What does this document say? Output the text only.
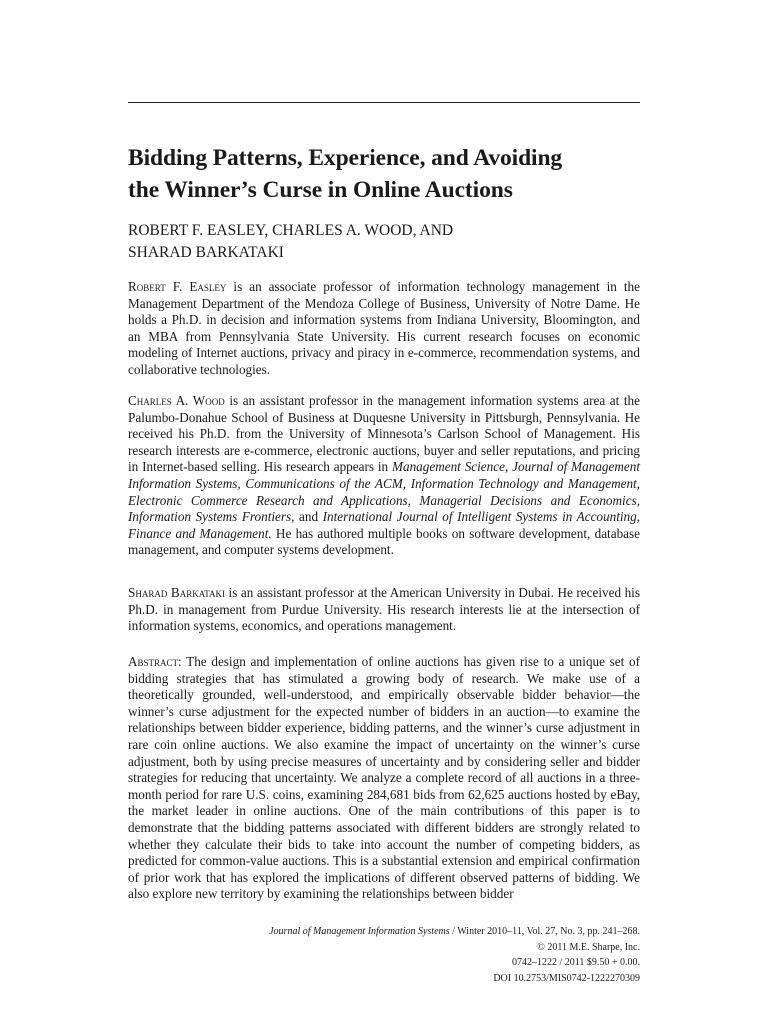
Bidding Patterns, Experience, and Avoiding
the Winner’s Curse in Online Auctions

ROBERT F. EASLEY, CHARLES A. WOOD, AND
SHARAD BARKATAKI

Robert F. Easley is an associate professor of information technology management in the Management Department of the Mendoza College of Business, University of Notre Dame. He holds a Ph.D. in decision and information systems from Indiana University, Bloomington, and an MBA from Pennsylvania State University. His current research focuses on economic modeling of Internet auctions, privacy and piracy in e-commerce, recommendation systems, and collaborative technologies.

Charles A. Wood is an assistant professor in the management information systems area at the Palumbo-Donahue School of Business at Duquesne University in Pittsburgh, Pennsylvania. He received his Ph.D. from the University of Minnesota’s Carlson School of Management. His research interests are e-commerce, electronic auctions, buyer and seller reputations, and pricing in Internet-based selling. His research appears in Management Science, Journal of Management Information Systems, Communications of the ACM, Information Technology and Management, Electronic Commerce Research and Applications, Managerial Decisions and Economics, Information Systems Frontiers, and International Journal of Intelligent Systems in Accounting, Finance and Management. He has authored multiple books on software development, database management, and computer systems development.

Sharad Barkataki is an assistant professor at the American University in Dubai. He received his Ph.D. in management from Purdue University. His research interests lie at the intersection of information systems, economics, and operations management.

Abstract: The design and implementation of online auctions has given rise to a unique set of bidding strategies that has stimulated a growing body of research. We make use of a theoretically grounded, well-understood, and empirically observable bidder behavior—the winner’s curse adjustment for the expected number of bidders in an auction—to examine the relationships between bidder experience, bidding patterns, and the winner’s curse adjustment in rare coin online auctions. We also examine the impact of uncertainty on the winner’s curse adjustment, both by using precise measures of uncertainty and by considering seller and bidder strategies for reducing that uncertainty. We analyze a complete record of all auctions in a three-month period for rare U.S. coins, examining 284,681 bids from 62,625 auctions hosted by eBay, the market leader in online auctions. One of the main contributions of this paper is to demonstrate that the bidding patterns associated with different bidders are strongly related to whether they calculate their bids to take into account the number of competing bidders, as predicted for common-value auctions. This is a substantial extension and empirical confirmation of prior work that has explored the implications of different observed patterns of bidding. We also explore new territory by examining the relationships between bidder

Journal of Management Information Systems / Winter 2010–11, Vol. 27, No. 3, pp. 241–268.
© 2011 M.E. Sharpe, Inc.
0742–1222 / 2011 $9.50 + 0.00.
DOI 10.2753/MIS0742-1222270309
